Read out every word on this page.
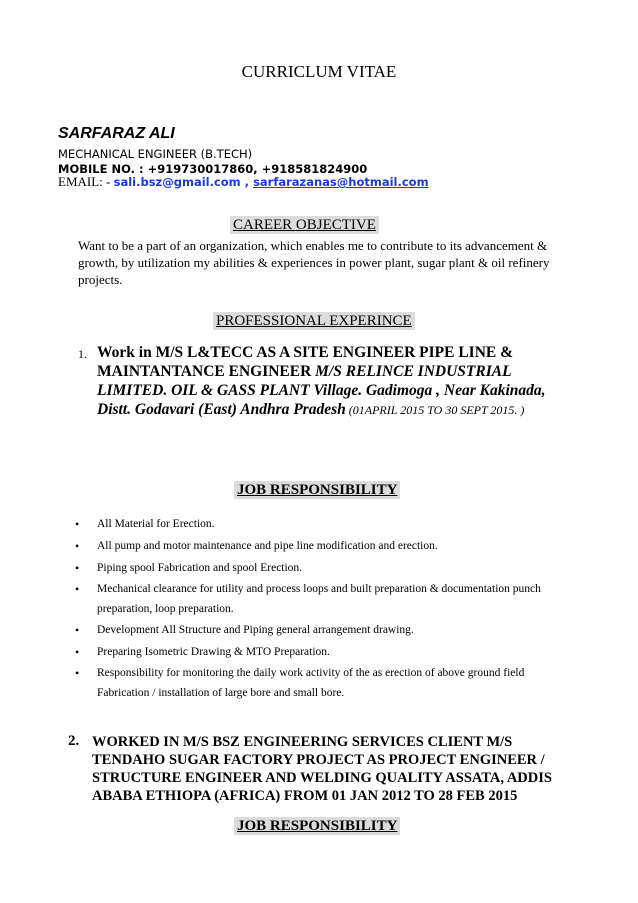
CURRICLUM VITAE
SARFARAZ ALI
MECHANICAL ENGINEER (B.TECH)
MOBILE NO. : +919730017860, +918581824900
EMAIL: - sali.bsz@gmail.com , sarfarazanas@hotmail.com
CAREER OBJECTIVE
Want to be a part of an organization, which enables me to contribute to its advancement & growth, by utilization my abilities & experiences in power plant, sugar plant & oil refinery projects.
PROFESSIONAL EXPERINCE
1. Work in M/S L&TECC AS A SITE ENGINEER PIPE LINE & MAINTANTANCE ENGINEER M/S RELINCE INDUSTRIAL LIMITED. OIL & GASS PLANT Village. Gadimoga , Near Kakinada, Distt. Godavari (East) Andhra Pradesh (01APRIL 2015 TO 30 SEPT 2015. )
JOB RESPONSIBILITY
• All Material for Erection.
• All pump and motor maintenance and pipe line modification and erection.
• Piping spool Fabrication and spool Erection.
• Mechanical clearance for utility and process loops and built preparation & documentation punch preparation, loop preparation.
• Development All Structure and Piping general arrangement drawing.
• Preparing Isometric Drawing & MTO Preparation.
• Responsibility for monitoring the daily work activity of the as erection of above ground field Fabrication / installation of large bore and small bore.
2. WORKED IN M/S BSZ ENGINEERING SERVICES CLIENT M/S TENDAHO SUGAR FACTORY PROJECT AS PROJECT ENGINEER / STRUCTURE ENGINEER AND WELDING QUALITY ASSATA, ADDIS ABABA ETHIOPA (AFRICA) FROM 01 JAN 2012 TO 28 FEB 2015
JOB RESPONSIBILITY
